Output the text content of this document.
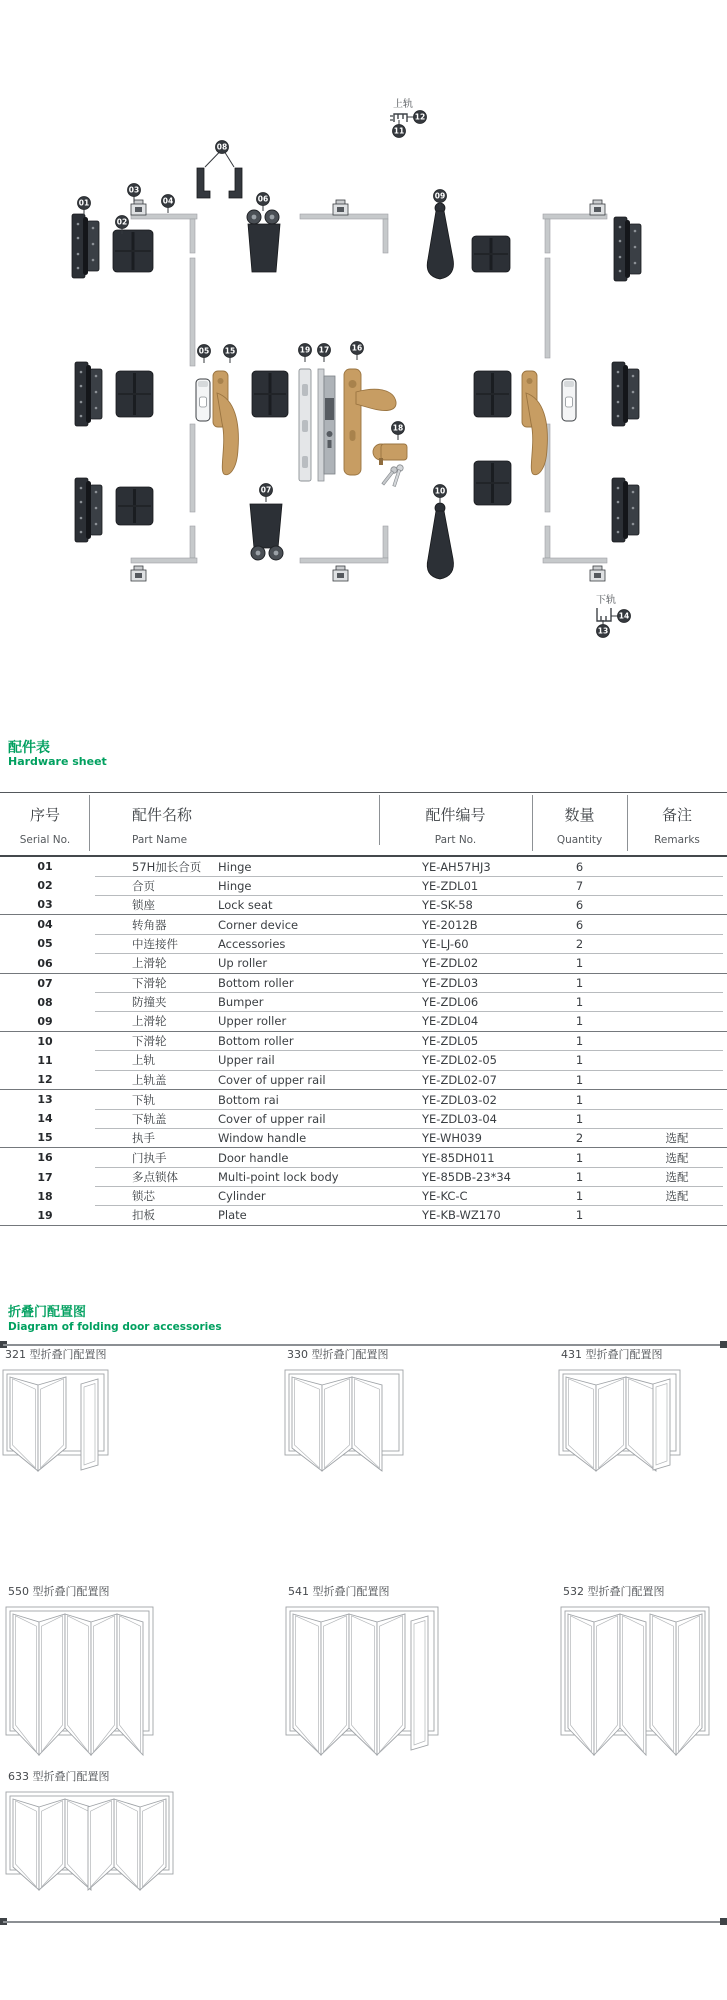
上轨
下轨
01
02
03
04
08
06	09
12
11
05 15	19 17	16
18
07	10
14
13
配件表
Hardware sheet
序号
Serial No.
配件名称
Part Name
配件编号
Part No.
数量
Quantity
备注
Remarks
01	57H加长合页	Hinge	YE-AH57HJ3	6
02	合页	Hinge	YE-ZDL01	7
03	锁座	Lock seat	YE-SK-58	6
04	转角器	Corner device	YE-2012B	6
05	中连接件	Accessories	YE-LJ-60	2
06	上滑轮	Up roller	YE-ZDL02	1
07	下滑轮	Bottom roller	YE-ZDL03	1
08	防撞夹	Bumper	YE-ZDL06	1
09	上滑轮	Upper roller	YE-ZDL04	1
10	下滑轮	Bottom roller	YE-ZDL05	1
11	上轨	Upper rail	YE-ZDL02-05	1
12	上轨盖	Cover of upper rail	YE-ZDL02-07	1
13	下轨	Bottom rai	YE-ZDL03-02	1
14	下轨盖	Cover of upper rail	YE-ZDL03-04	1
15	执手	Window handle	YE-WH039	2	选配
16	门执手	Door handle	YE-85DH011	1	选配
17	多点锁体	Multi-point lock body	YE-85DB-23*34	1	选配
18	锁芯	Cylinder	YE-KC-C	1	选配
19	扣板	Plate	YE-KB-WZ170	1
折叠门配置图
Diagram of folding door accessories
321 型折叠门配置图	330 型折叠门配置图	431 型折叠门配置图
550 型折叠门配置图	541 型折叠门配置图	532 型折叠门配置图
633 型折叠门配置图
